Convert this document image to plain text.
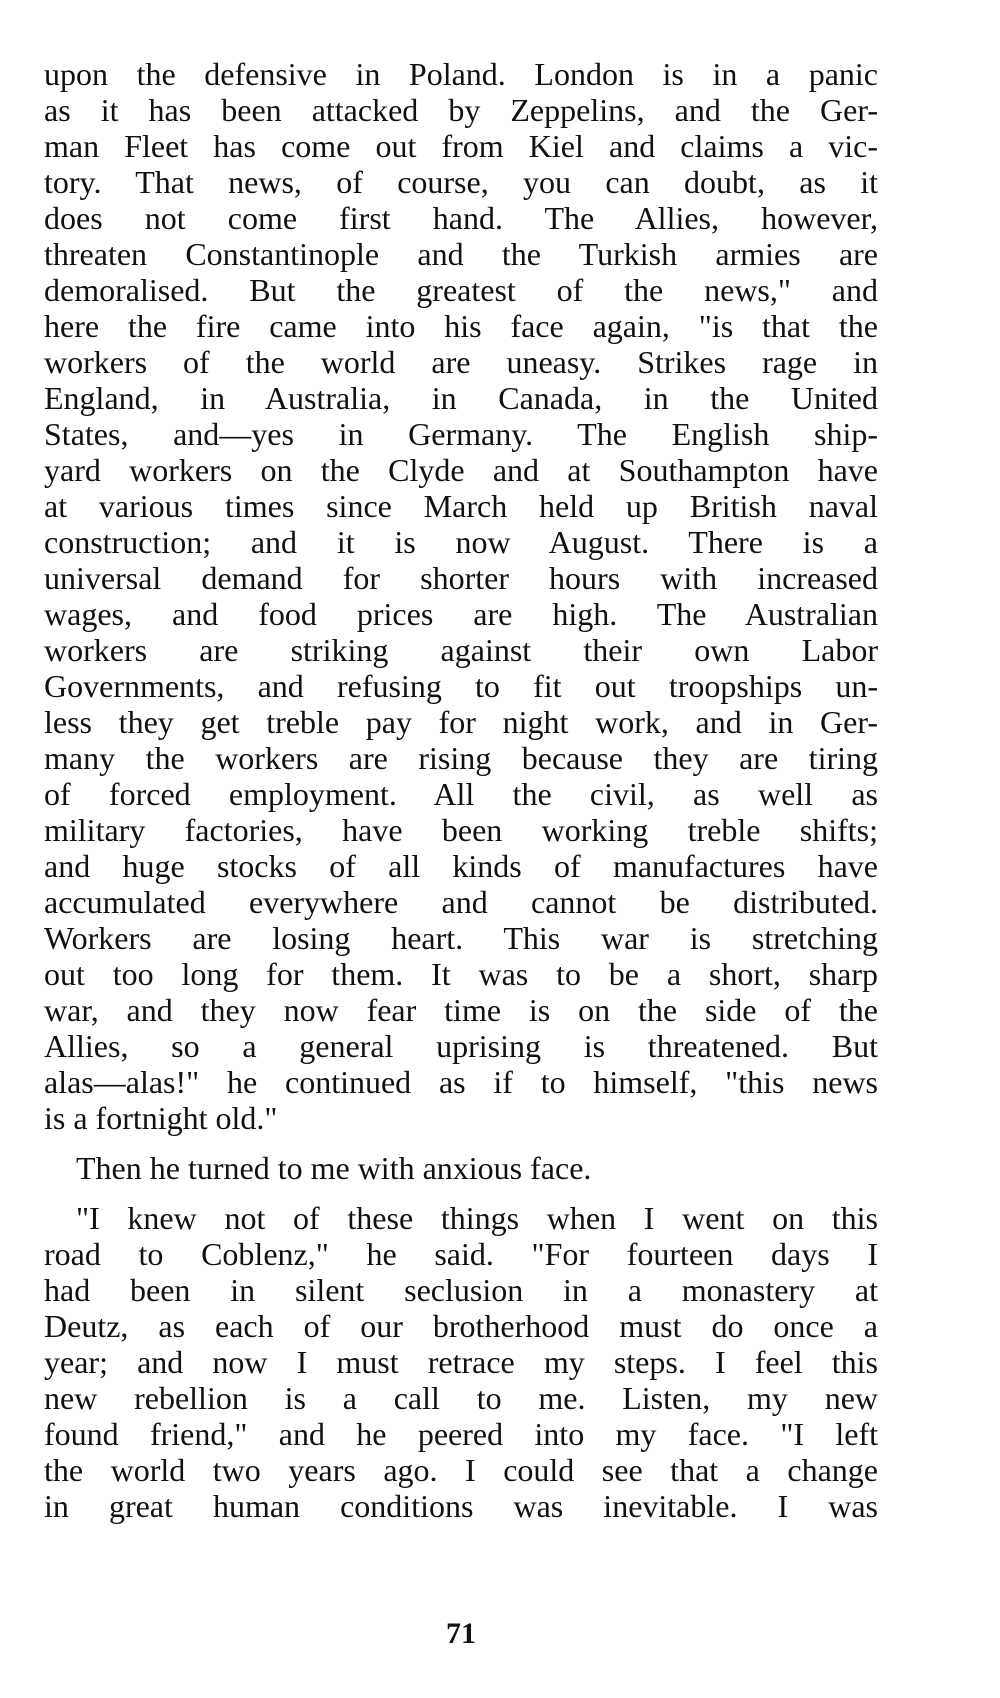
upon the defensive in Poland. London is in a panic
as it has been attacked by Zeppelins, and the Ger-
man Fleet has come out from Kiel and claims a vic-
tory. That news, of course, you can doubt, as it
does not come first hand. The Allies, however,
threaten Constantinople and the Turkish armies are
demoralised. But the greatest of the news," and
here the fire came into his face again, "is that the
workers of the world are uneasy. Strikes rage in
England, in Australia, in Canada, in the United
States, and—yes in Germany. The English ship-
yard workers on the Clyde and at Southampton have
at various times since March held up British naval
construction; and it is now August. There is a
universal demand for shorter hours with increased
wages, and food prices are high. The Australian
workers are striking against their own Labor
Governments, and refusing to fit out troopships un-
less they get treble pay for night work, and in Ger-
many the workers are rising because they are tiring
of forced employment. All the civil, as well as
military factories, have been working treble shifts;
and huge stocks of all kinds of manufactures have
accumulated everywhere and cannot be distributed.
Workers are losing heart. This war is stretching
out too long for them. It was to be a short, sharp
war, and they now fear time is on the side of the
Allies, so a general uprising is threatened. But
alas—alas!" he continued as if to himself, "this news
is a fortnight old."
Then he turned to me with anxious face.
"I knew not of these things when I went on this
road to Coblenz," he said. "For fourteen days I
had been in silent seclusion in a monastery at
Deutz, as each of our brotherhood must do once a
year; and now I must retrace my steps. I feel this
new rebellion is a call to me. Listen, my new
found friend," and he peered into my face. "I left
the world two years ago. I could see that a change
in great human conditions was inevitable. I was
71
